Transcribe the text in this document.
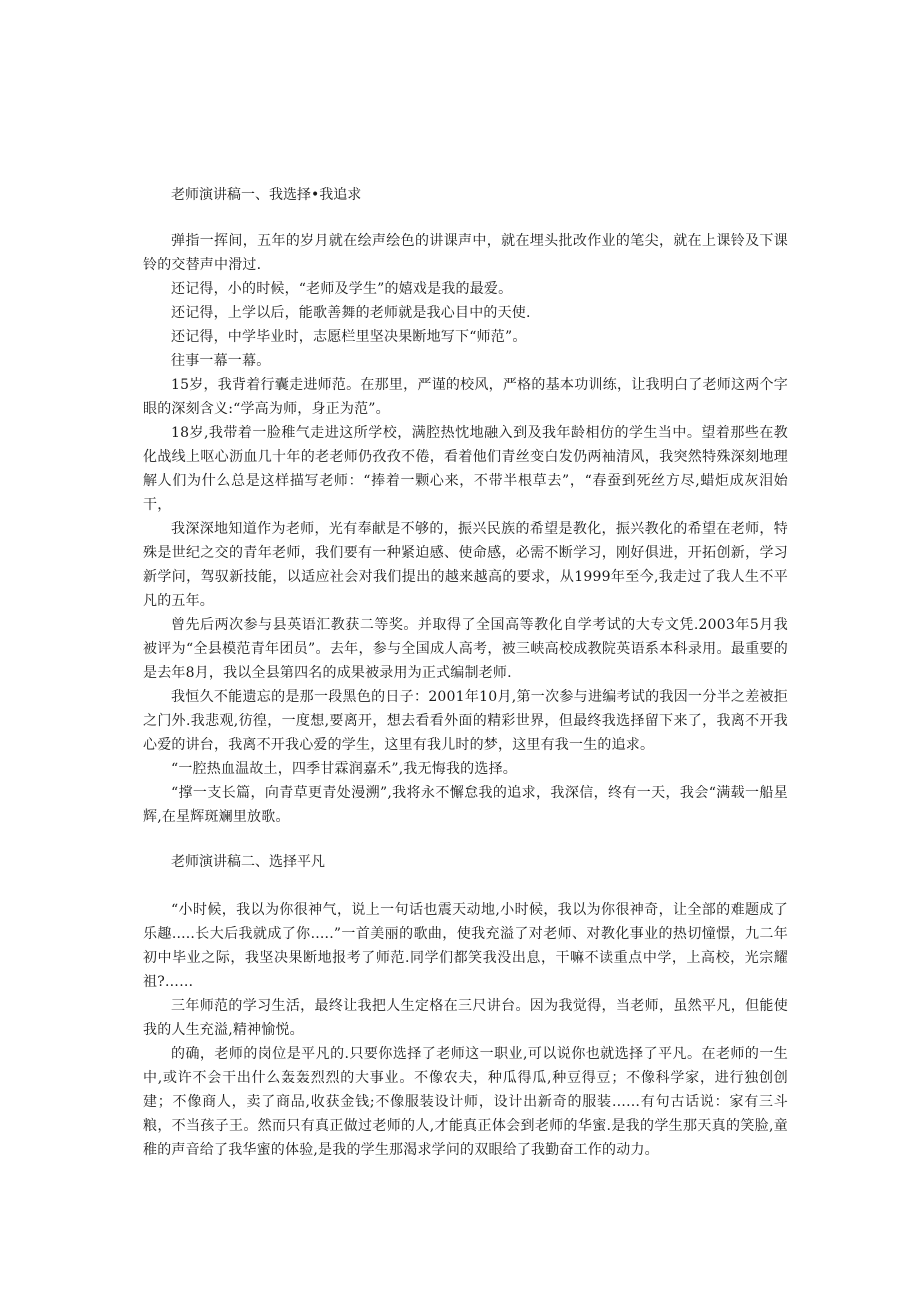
老师演讲稿一、我选择•我追求

弹指一挥间，五年的岁月就在绘声绘色的讲课声中，就在埋头批改作业的笔尖，就在上课铃及下课铃的交替声中滑过.

还记得，小的时候，“老师及学生”的嬉戏是我的最爱。

还记得，上学以后，能歌善舞的老师就是我心目中的天使.

还记得，中学毕业时，志愿栏里坚决果断地写下“师范”。

往事一幕一幕。

15岁，我背着行囊走进师范。在那里，严谨的校风，严格的基本功训练，让我明白了老师这两个字眼的深刻含义:“学高为师，身正为范”。

18岁,我带着一脸稚气走进这所学校，满腔热忱地融入到及我年龄相仿的学生当中。望着那些在教化战线上呕心沥血几十年的老老师仍孜孜不倦，看着他们青丝变白发仍两袖清风，我突然特殊深刻地理解人们为什么总是这样描写老师：“捧着一颗心来，不带半根草去”，“春蚕到死丝方尽,蜡炬成灰泪始干，

我深深地知道作为老师，光有奉献是不够的，振兴民族的希望是教化，振兴教化的希望在老师，特殊是世纪之交的青年老师，我们要有一种紧迫感、使命感，必需不断学习，刚好俱进，开拓创新，学习新学问，驾驭新技能，以适应社会对我们提出的越来越高的要求，从1999年至今,我走过了我人生不平凡的五年。

曾先后两次参与县英语汇教获二等奖。并取得了全国高等教化自学考试的大专文凭.2003年5月我被评为“全县模范青年团员”。去年，参与全国成人高考，被三峡高校成教院英语系本科录用。最重要的是去年8月，我以全县第四名的成果被录用为正式编制老师.

我恒久不能遗忘的是那一段黑色的日子：2001年10月,第一次参与进编考试的我因一分半之差被拒之门外.我悲观,彷徨，一度想,要离开，想去看看外面的精彩世界，但最终我选择留下来了，我离不开我心爱的讲台，我离不开我心爱的学生，这里有我儿时的梦，这里有我一生的追求。

“一腔热血温故土，四季甘霖润嘉禾”,我无悔我的选择。

“撑一支长篇，向青草更青处漫溯”,我将永不懈怠我的追求，我深信，终有一天，我会“满载一船星辉,在星辉斑斓里放歌。

老师演讲稿二、选择平凡

“小时候，我以为你很神气，说上一句话也震天动地,小时候，我以为你很神奇，让全部的难题成了乐趣.....长大后我就成了你.....”一首美丽的歌曲，使我充溢了对老师、对教化事业的热切憧憬，九二年初中毕业之际，我坚决果断地报考了师范.同学们都笑我没出息，干嘛不读重点中学，上高校，光宗耀祖?……

三年师范的学习生活，最终让我把人生定格在三尺讲台。因为我觉得，当老师，虽然平凡，但能使我的人生充溢,精神愉悦。

的确，老师的岗位是平凡的.只要你选择了老师这一职业,可以说你也就选择了平凡。在老师的一生中,或许不会干出什么轰轰烈烈的大事业。不像农夫，种瓜得瓜,种豆得豆；不像科学家，进行独创创建；不像商人，卖了商品,收获金钱;不像服装设计师，设计出新奇的服装……有句古话说：家有三斗粮，不当孩子王。然而只有真正做过老师的人,才能真正体会到老师的华蜜.是我的学生那天真的笑脸,童稚的声音给了我华蜜的体验,是我的学生那渴求学问的双眼给了我勤奋工作的动力。
